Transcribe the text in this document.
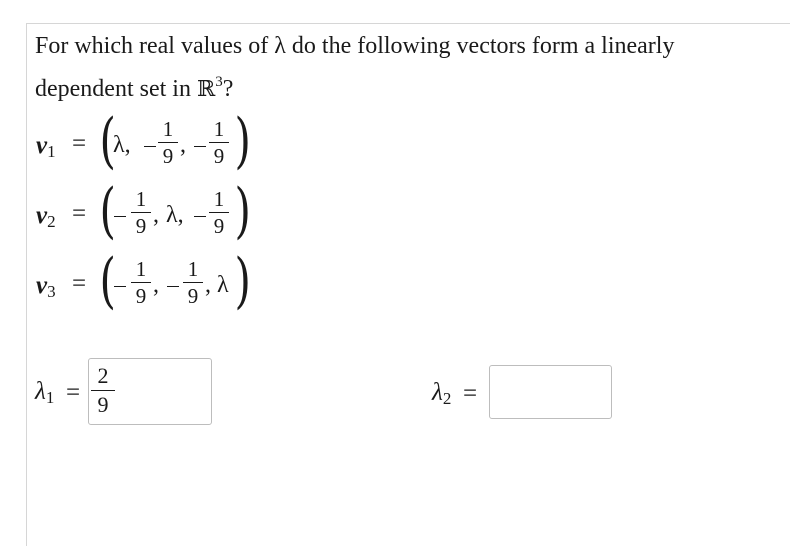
For which real values of λ do the following vectors form a linearly
dependent set in ℝ$^3$?
$v_1$ = (
λ,
1
9 ,
1
9 )
$v_2$ = ( 1
9 , λ,
1
9 )
$v_3$ = ( 1
9 ,
1
9 , λ )
$\lambda_1$ =
2
9	$\lambda_2$ =
